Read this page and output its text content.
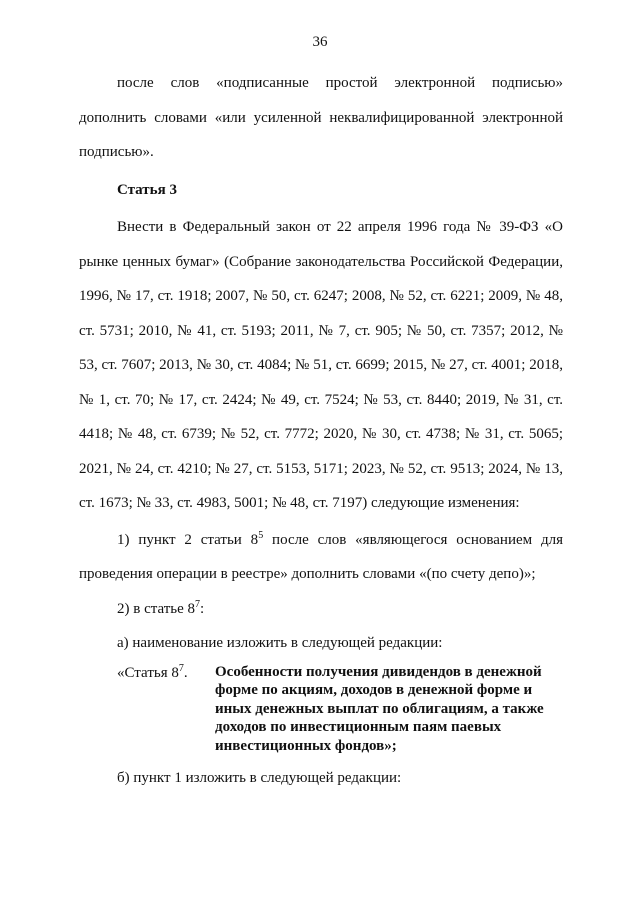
36

после слов «подписанные простой электронной подписью» дополнить словами «или усиленной неквалифицированной электронной подписью».

Статья 3

Внести в Федеральный закон от 22 апреля 1996 года № 39-ФЗ «О рынке ценных бумаг» (Собрание законодательства Российской Федерации, 1996, № 17, ст. 1918; 2007, № 50, ст. 6247; 2008, № 52, ст. 6221; 2009, № 48, ст. 5731; 2010, № 41, ст. 5193; 2011, № 7, ст. 905; № 50, ст. 7357; 2012, № 53, ст. 7607; 2013, № 30, ст. 4084; № 51, ст. 6699; 2015, № 27, ст. 4001; 2018, № 1, ст. 70; № 17, ст. 2424; № 49, ст. 7524; № 53, ст. 8440; 2019, № 31, ст. 4418; № 48, ст. 6739; № 52, ст. 7772; 2020, № 30, ст. 4738; № 31, ст. 5065; 2021, № 24, ст. 4210; № 27, ст. 5153, 5171; 2023, № 52, ст. 9513; 2024, № 13, ст. 1673; № 33, ст. 4983, 5001; № 48, ст. 7197) следующие изменения:

1) пункт 2 статьи $8^5$ после слов «являющегося основанием для проведения операции в реестре» дополнить словами «(по счету депо)»;

2) в статье $8^7$:

а) наименование изложить в следующей редакции:

«Статья $8^7$.	Особенности получения дивидендов в денежной форме по акциям, доходов в денежной форме и иных денежных выплат по облигациям, а также доходов по инвестиционным паям паевых инвестиционных фондов»;

б) пункт 1 изложить в следующей редакции:
